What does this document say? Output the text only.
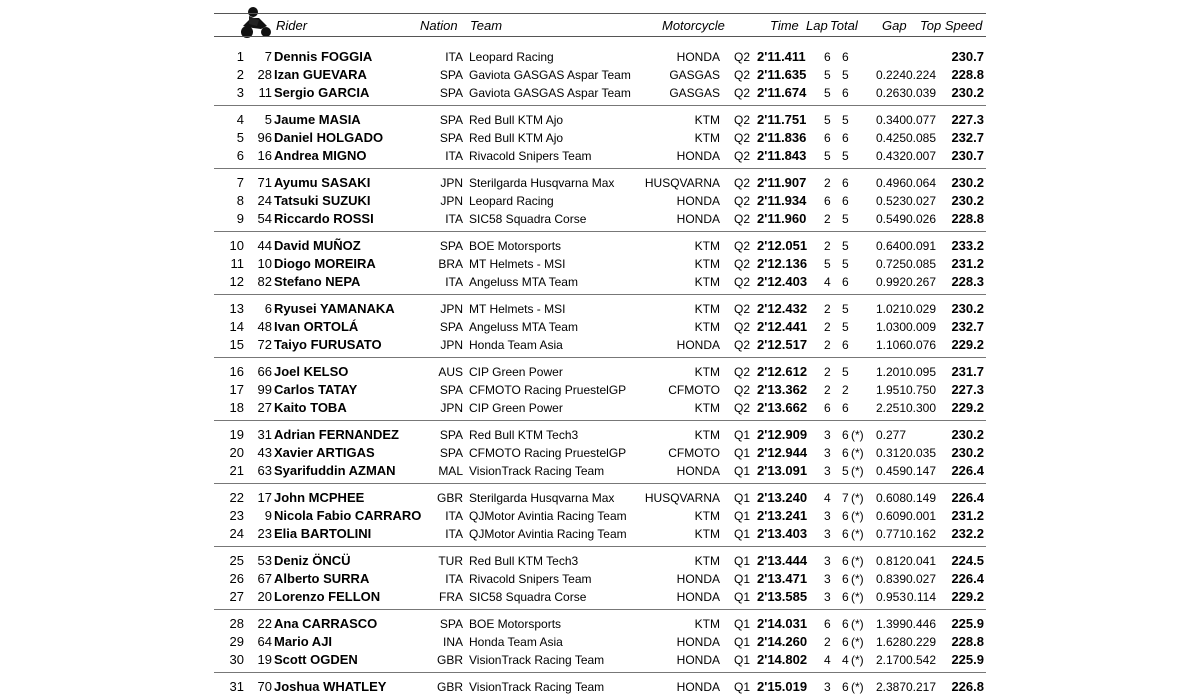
Rider	Nation Team	Motorcycle	Time Lap Total Gap Top Speed
1 7 Dennis FOGGIA	ITA Leopard Racing	HONDA Q2 2'11.411 6 6	230.7
2 28 Izan GUEVARA	SPA Gaviota GASGAS Aspar Team	GASGAS Q2 2'11.635 5 5 0.224 0.224 228.8
3 11 Sergio GARCIA	SPA Gaviota GASGAS Aspar Team	GASGAS Q2 2'11.674 5 6 0.263 0.039 230.2
4 5 Jaume MASIA	SPA Red Bull KTM Ajo	KTM Q2 2'11.751 5 5 0.340 0.077 227.3
5 96 Daniel HOLGADO	SPA Red Bull KTM Ajo	KTM Q2 2'11.836 6 6 0.425 0.085 232.7
6 16 Andrea MIGNO	ITA Rivacold Snipers Team	HONDA Q2 2'11.843 5 5 0.432 0.007 230.7
7 71 Ayumu SASAKI	JPN Sterilgarda Husqvarna Max	HUSQVARNA Q2 2'11.907 2 6 0.496 0.064 230.2
8 24 Tatsuki SUZUKI	JPN Leopard Racing	HONDA Q2 2'11.934 6 6 0.523 0.027 230.2
9 54 Riccardo ROSSI	ITA SIC58 Squadra Corse	HONDA Q2 2'11.960 2 5 0.549 0.026 228.8
10 44 David MUÑOZ	SPA BOE Motorsports	KTM Q2 2'12.051 2 5 0.640 0.091 233.2
11 10 Diogo MOREIRA	BRA MT Helmets - MSI	KTM Q2 2'12.136 5 5 0.725 0.085 231.2
12 82 Stefano NEPA	ITA Angeluss MTA Team	KTM Q2 2'12.403 4 6 0.992 0.267 228.3
13 6 Ryusei YAMANAKA	JPN MT Helmets - MSI	KTM Q2 2'12.432 2 5 1.021 0.029 230.2
14 48 Ivan ORTOLÁ	SPA Angeluss MTA Team	KTM Q2 2'12.441 2 5 1.030 0.009 232.7
15 72 Taiyo FURUSATO	JPN Honda Team Asia	HONDA Q2 2'12.517 2 6 1.106 0.076 229.2
16 66 Joel KELSO	AUS CIP Green Power	KTM Q2 2'12.612 2 5 1.201 0.095 231.7
17 99 Carlos TATAY	SPA CFMOTO Racing PruestelGP	CFMOTO Q2 2'13.362 2 2 1.951 0.750 227.3
18 27 Kaito TOBA	JPN CIP Green Power	KTM Q2 2'13.662 6 6 2.251 0.300 229.2
19 31 Adrian FERNANDEZ	SPA Red Bull KTM Tech3	KTM Q1 2'12.909 3 6 (*) 0.277	230.2
20 43 Xavier ARTIGAS	SPA CFMOTO Racing PruestelGP	CFMOTO Q1 2'12.944 3 6 (*) 0.312 0.035 230.2
21 63 Syarifuddin AZMAN	MAL VisionTrack Racing Team	HONDA Q1 2'13.091 3 5 (*) 0.459 0.147 226.4
22 17 John MCPHEE	GBR Sterilgarda Husqvarna Max	HUSQVARNA Q1 2'13.240 4 7 (*) 0.608 0.149 226.4
23 9 Nicola Fabio CARRARO ITA QJMotor Avintia Racing Team	KTM Q1 2'13.241 3 6 (*) 0.609 0.001 231.2
24 23 Elia BARTOLINI	ITA QJMotor Avintia Racing Team	KTM Q1 2'13.403 3 6 (*) 0.771 0.162 232.2
25 53 Deniz ÖNCÜ	TUR Red Bull KTM Tech3	KTM Q1 2'13.444 3 6 (*) 0.812 0.041 224.5
26 67 Alberto SURRA	ITA Rivacold Snipers Team	HONDA Q1 2'13.471 3 6 (*) 0.839 0.027 226.4
27 20 Lorenzo FELLON	FRA SIC58 Squadra Corse	HONDA Q1 2'13.585 3 6 (*) 0.953 0.114 229.2
28 22 Ana CARRASCO	SPA BOE Motorsports	KTM Q1 2'14.031 6 6 (*) 1.399 0.446 225.9
29 64 Mario AJI	INA Honda Team Asia	HONDA Q1 2'14.260 2 6 (*) 1.628 0.229 228.8
30 19 Scott OGDEN	GBR VisionTrack Racing Team	HONDA Q1 2'14.802 4 4 (*) 2.170 0.542 225.9
31 70 Joshua WHATLEY	GBR VisionTrack Racing Team	HONDA Q1 2'15.019 3 6 (*) 2.387 0.217 226.8
